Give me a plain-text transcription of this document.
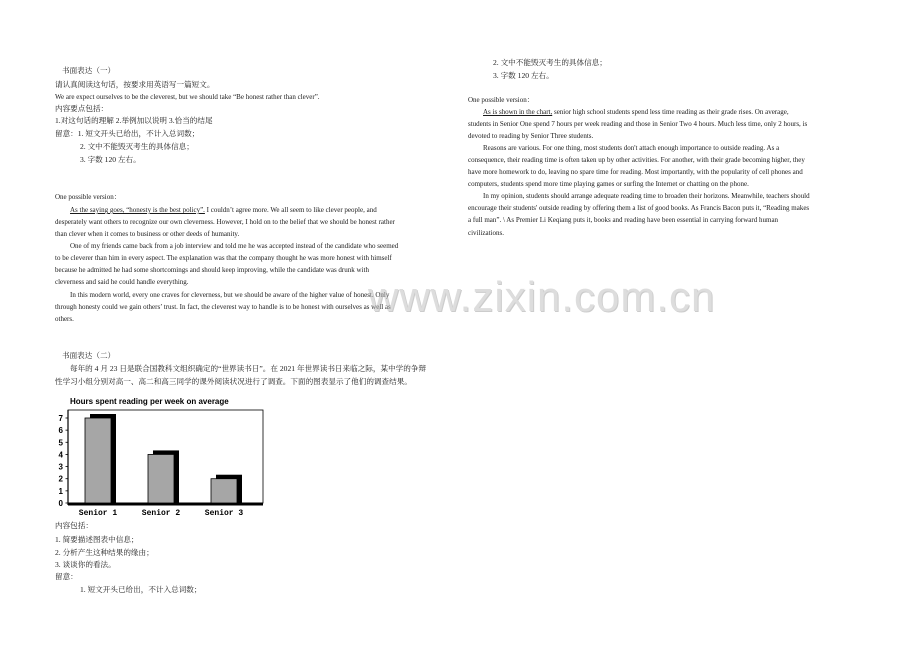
书面表达（一）
请认真阅读这句话，按要求用英语写一篇短文。
We are expect ourselves to be the cleverest, but we should take “Be honest rather than clever”.
内容要点包括：
1.对这句话的理解 2.举例加以说明 3.恰当的结尾
留意：1. 短文开头已给出，不计入总词数；
2. 文中不能毁灭考生的具体信息；
3. 字数 120 左右。
One possible version：
As the saying goes, “honesty is the best policy”. I couldn’t agree more. We all seem to like clever people, and
desperately want others to recognize our own cleverness. However, I hold on to the belief that we should be honest rather
than clever when it comes to business or other deeds of humanity.
One of my friends came back from a job interview and told me he was accepted instead of the candidate who seemed
to be cleverer than him in every aspect. The explanation was that the company thought he was more honest with himself
because he admitted he had some shortcomings and should keep improving, while the candidate was drunk with
cleverness and said he could handle everything.
In this modern world, every one craves for cleverness, but we should be aware of the higher value of honest. Only
through honesty could we gain others’ trust. In fact, the cleverest way to handle is to be honest with ourselves as well as
others.
书面表达（二）
每年的 4 月 23 日是联合国教科文组织确定的“世界读书日”。在 2021 年世界读书日来临之际，某中学的争辩
性学习小组分别对高一、高二和高三同学的课外阅读状况进行了调查。下面的图表显示了他们的调查结果。
Hours spent reading per week on average
0
1
2
3
4
5
6
7
Senior 1	Senior 2	Senior 3
内容包括：
1. 简要描述图表中信息；
2. 分析产生这种结果的缘由；
3. 谈谈你的看法。
留意：
1. 短文开头已给出，不计入总词数；
2. 文中不能毁灭考生的具体信息；
3. 字数 120 左右。
One possible version：
As is shown in the chart, senior high school students spend less time reading as their grade rises. On average,
students in Senior One spend 7 hours per week reading and those in Senior Two 4 hours. Much less time, only 2 hours, is
devoted to reading by Senior Three students.
Reasons are various. For one thing, most students don't attach enough importance to outside reading. As a
consequence, their reading time is often taken up by other activities. For another, with their grade becoming higher, they
have more homework to do, leaving no spare time for reading. Most importantly, with the popularity of cell phones and
computers, students spend more time playing games or surfing the Internet or chatting on the phone.
In my opinion, students should arrange adequate reading time to broaden their horizons. Meanwhile, teachers should
encourage their students' outside reading by offering them a list of good books. As Francis Bacon puts it, “Reading makes
a full man”. \ As Premier Li Keqiang puts it, books and reading have been essential in carrying forward human
civilizations.
www.zixin.com.cn
